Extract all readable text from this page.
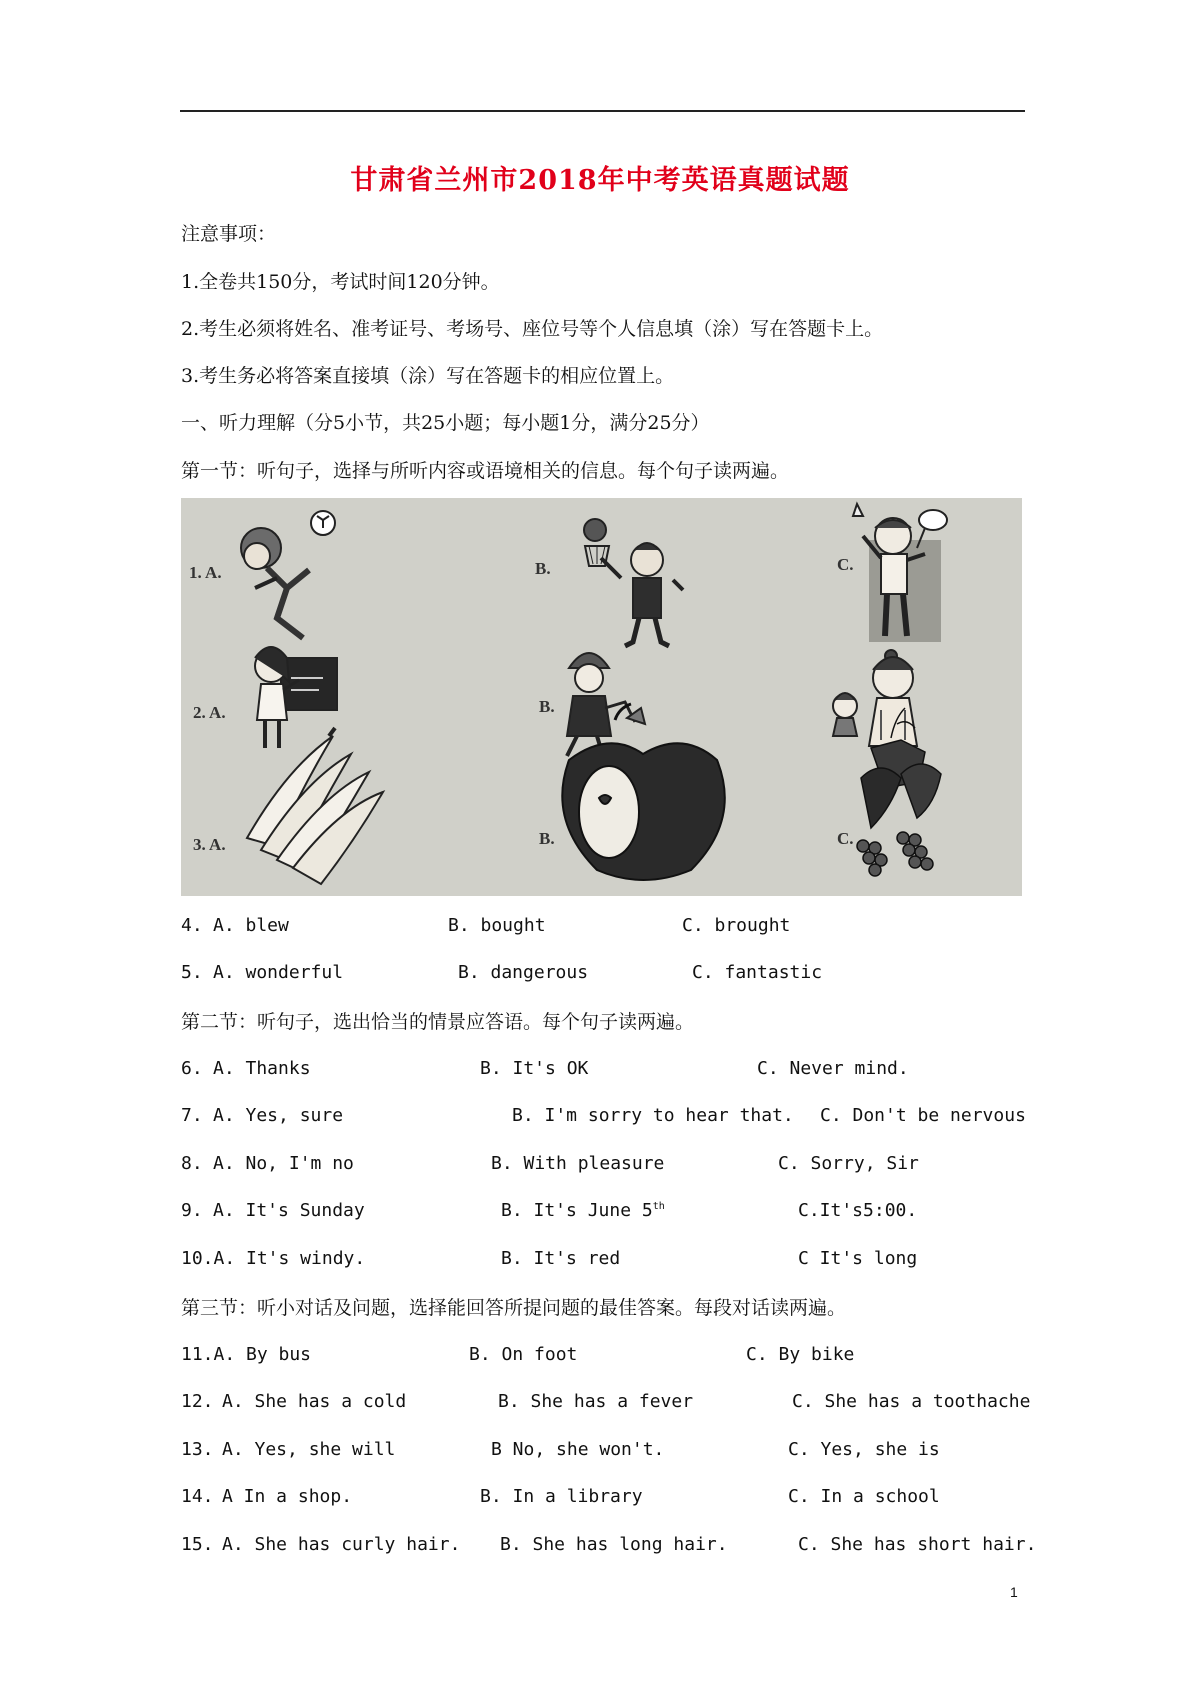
甘肃省兰州市2018年中考英语真题试题
注意事项：
1.全卷共150分，考试时间120分钟。
2.考生必须将姓名、准考证号、考场号、座位号等个人信息填（涂）写在答题卡上。
3.考生务必将答案直接填（涂）写在答题卡的相应位置上。
一、听力理解（分5小节，共25小题；每小题1分，满分25分）
第一节：听句子，选择与所听内容或语境相关的信息。每个句子读两遍。
1. A.	B.	C.
2. A.	B.
3. A.	B.	C.
4. A. blew	B. bought	C. brought
5. A. wonderful	B. dangerous	C. fantastic
第二节：听句子，选出恰当的情景应答语。每个句子读两遍。
6. A. Thanks	B. It's OK	C. Never mind.
7. A. Yes, sure	B. I'm sorry to hear that. C. Don't be nervous
8. A. No, I'm no	B. With pleasure	C. Sorry, Sir
9. A. It's Sunday	B. It's June 5th	C.It's5:00.
10.A. It's windy.	B. It's red	C It's long
第三节：听小对话及问题，选择能回答所提问题的最佳答案。每段对话读两遍。
11.A. By bus	B. On foot	C. By bike
12. A. She has a cold	B. She has a fever	C. She has a toothache
13. A. Yes, she will	B No, she won't.	C. Yes, she is
14. A In a shop.	B. In a library	C. In a school
15. A. She has curly hair. B. She has long hair.	C. She has short hair.
1
